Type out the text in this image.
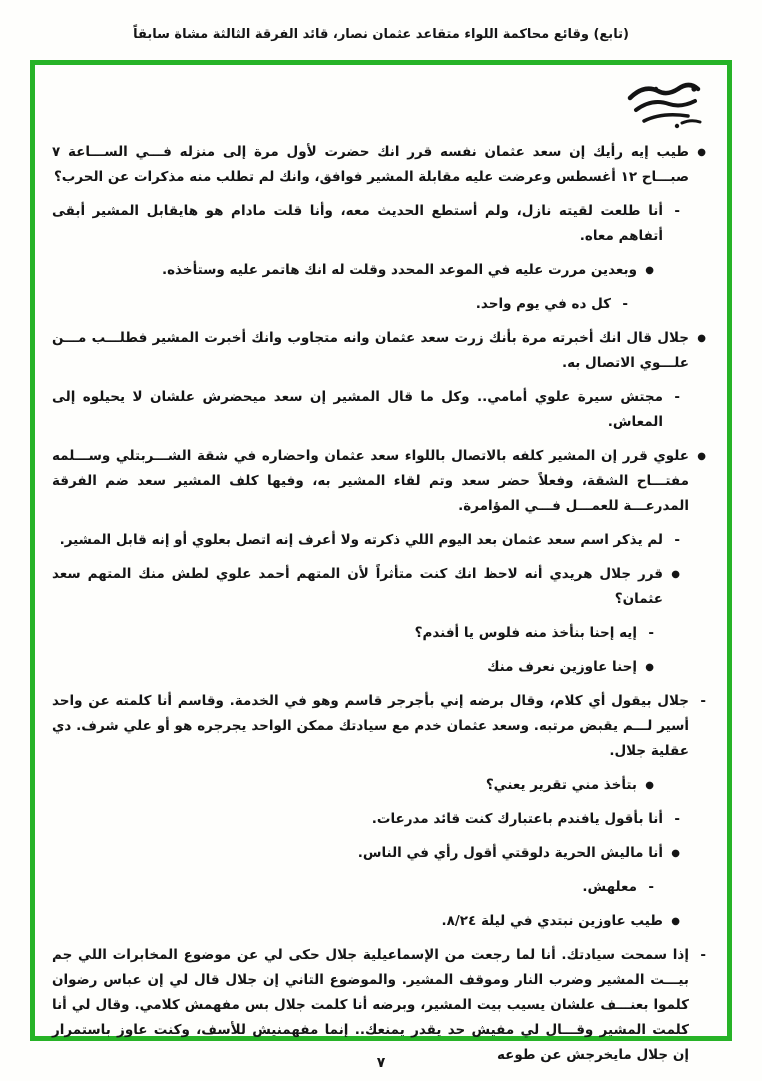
(تابع) وقائع محاكمة اللواء متقاعد عثمان نصار، قائد الفرقة الثالثة مشاة سابقاً
●
طيب إيه رأيك إن سعد عثمان نفسه قرر انك حضرت لأول مرة إلى منزله فـــي الســـاعة ٧ صبـــاح ١٢ أغسطس وعرضت عليه مقابلة المشير فوافق، وانك لم تطلب منه مذكرات عن الحرب؟
-
أنا طلعت لقيته نازل، ولم أستطع الحديث معه، وأنا قلت مادام هو هايقابل المشير أبقى أتفاهم معاه.
●
وبعدين مررت عليه في الموعد المحدد وقلت له انك هاتمر عليه وستأخذه.
-
كل ده في يوم واحد.
●
جلال قال انك أخبرته مرة بأنك زرت سعد عثمان وانه متجاوب وانك أخبرت المشير فطلـــب مـــن علـــوي الاتصال به.
-
مجتش سيرة علوي أمامي.. وكل ما قال المشير إن سعد ميحضرش علشان لا يحيلوه إلى المعاش.
●
علوي قرر إن المشير كلفه بالاتصال باللواء سعد عثمان واحضاره في شقة الشـــربتلي وســـلمه مفتـــاح الشقة، وفعلاً حضر سعد وتم لقاء المشير به، وفيها كلف المشير سعد ضم الفرقة المدرعـــة للعمـــل فـــي المؤامرة.
-
لم يذكر اسم سعد عثمان بعد اليوم اللي ذكرته ولا أعرف إنه اتصل بعلوي أو إنه قابل المشير.
●
قرر جلال هريدي أنه لاحظ انك كنت متأثراً لأن المتهم أحمد علوي لطش منك المتهم سعد عثمان؟
-
إيه إحنا بنأخذ منه فلوس يا أفندم؟
●
إحنا عاوزين نعرف منك
-
جلال بيقول أي كلام، وقال برضه إني بأجرجر قاسم وهو في الخدمة. وقاسم أنا كلمته عن واحد أسير لـــم يقبض مرتبه. وسعد عثمان خدم مع سيادتك ممكن الواحد يجرجره هو أو علي شرف. دي عقلية جلال.
●
بتأخذ مني تقرير يعني؟
-
أنا بأقول يافندم باعتبارك كنت قائد مدرعات.
●
أنا ماليش الحرية دلوقتي أقول رأي في الناس.
-
معلهش.
●
طيب عاوزين نبتدي في ليلة ٨/٢٤.
-
إذا سمحت سيادتك. أنا لما رجعت من الإسماعيلية جلال حكى لي عن موضوع المخابرات اللي جم بيـــت المشير وضرب النار وموقف المشير. والموضوع التاني إن جلال قال لي إن عباس رضوان كلموا بعنـــف علشان يسيب بيت المشير، وبرضه أنا كلمت جلال بس مفهمش كلامي. وقال لي أنا كلمت المشير وقـــال لي مفيش حد يقدر يمنعك.. إنما مفهمنيش للأسف، وكنت عاوز باستمرار إن جلال مايخرجش عن طوعه
٧
